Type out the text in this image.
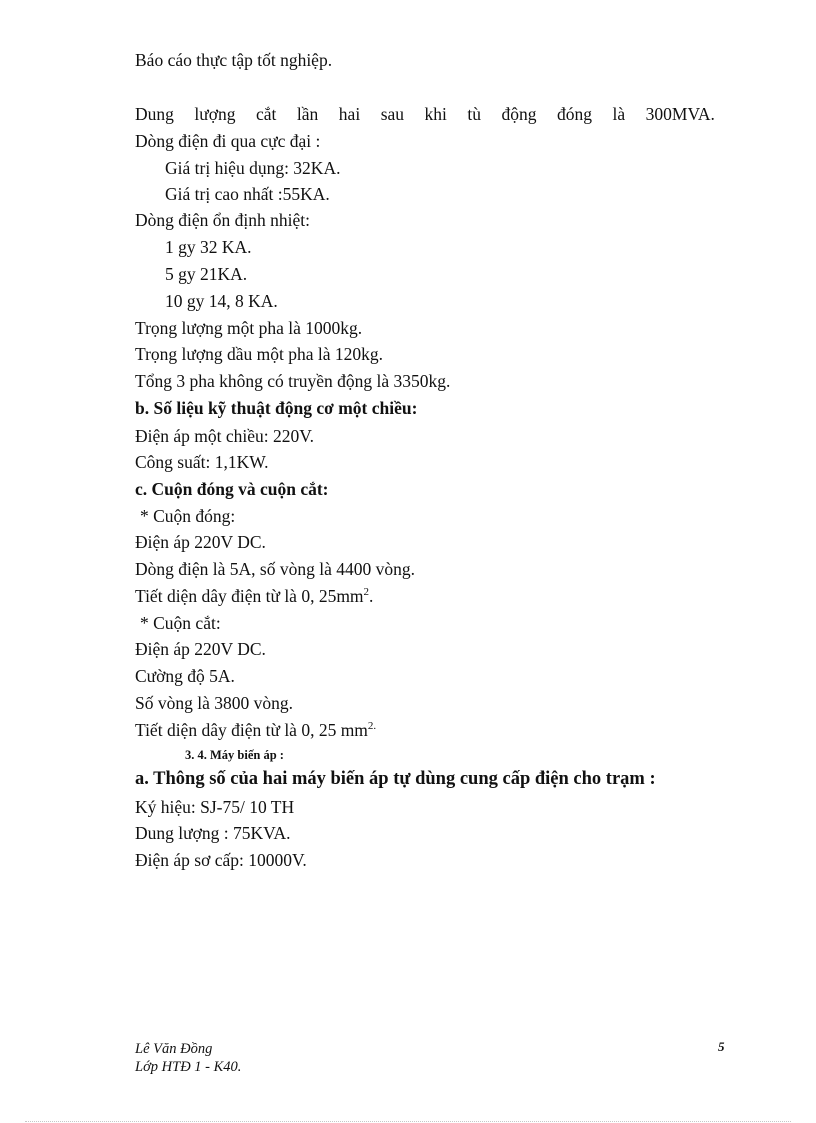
Báo cáo thực tập tốt nghiệp.
Dung lượng cắt lần hai sau khi tù động đóng là 300MVA.
Dòng điện đi qua cực đại :
Giá trị hiệu dụng: 32KA.
Giá trị cao nhất :55KA.
Dòng điện ổn định nhiệt:
1 gy 32 KA.
5 gy 21KA.
10 gy 14, 8 KA.
Trọng lượng một pha là 1000kg.
Trọng lượng dầu một pha là 120kg.
Tổng 3 pha không có truyền động là 3350kg.
b. Số liệu kỹ thuật động cơ một chiều:
Điện áp một chiều: 220V.
Công suất: 1,1KW.
c. Cuộn đóng và cuộn cắt:
* Cuộn đóng:
Điện áp 220V DC.
Dòng điện là 5A, số vòng là 4400 vòng.
Tiết diện dây điện từ là 0, $25mm^2$.
* Cuộn cắt:
Điện áp 220V DC.
Cường độ 5A.
Số vòng là 3800 vòng.
Tiết diện dây điện từ là 0, 25 $mm^{2.}$
3. 4. Máy biến áp :
a. Thông số của hai máy biến áp tự dùng cung cấp điện cho trạm :
Ký hiệu: SJ-75/ 10 TH
Dung lượng : 75KVA.
Điện áp sơ cấp: 10000V.
Lê Văn Đồng
Lớp HTĐ 1 - K40.
5
